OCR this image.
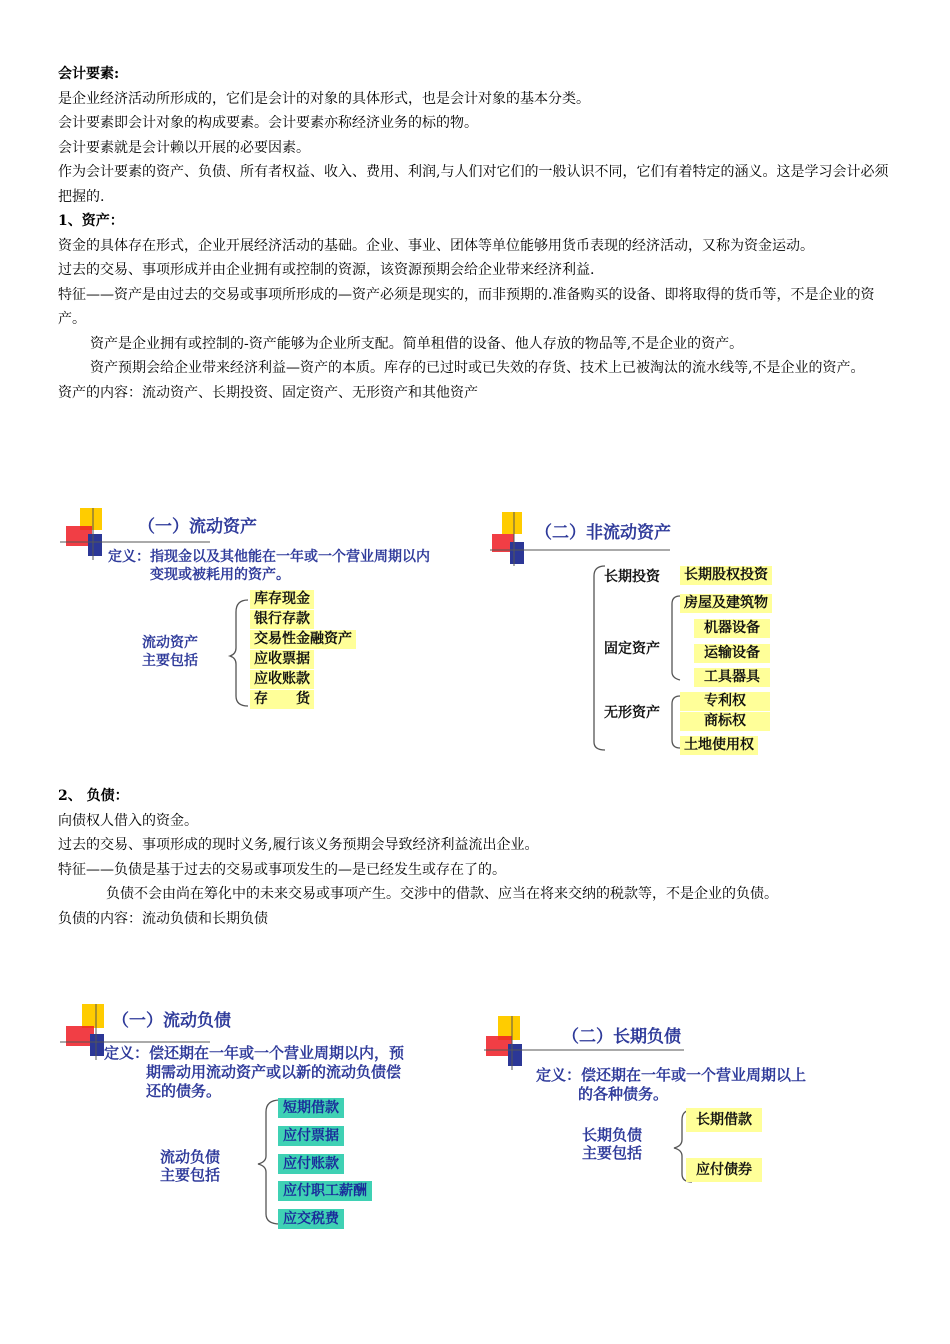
会计要素:

是企业经济活动所形成的，它们是会计的对象的具体形式，也是会计对象的基本分类。

会计要素即会计对象的构成要素。会计要素亦称经济业务的标的物。

会计要素就是会计赖以开展的必要因素。

作为会计要素的资产、负债、所有者权益、收入、费用、利润,与人们对它们的一般认识不同，它们有着特定的涵义。这是学习会计必须把握的.

1、资产：

资金的具体存在形式，企业开展经济活动的基础。企业、事业、团体等单位能够用货币表现的经济活动，又称为资金运动。

过去的交易、事项形成并由企业拥有或控制的资源，该资源预期会给企业带来经济利益.

特征——资产是由过去的交易或事项所形成的—资产必须是现实的，而非预期的.准备购买的设备、即将取得的货币等，不是企业的资产。

资产是企业拥有或控制的-资产能够为企业所支配。简单租借的设备、他人存放的物品等,不是企业的资产。

资产预期会给企业带来经济利益—资产的本质。库存的已过时或已失效的存货、技术上已被淘汰的流水线等,不是企业的资产。

资产的内容：流动资产、长期投资、固定资产、无形资产和其他资产

（一）流动资产
定义：指现金以及其他能在一年或一个营业周期以内
变现或被耗用的资产。
流动资产
主要包括
库存现金
银行存款
交易性金融资产
应收票据
应收账款
存　　货
（二）非流动资产
长期投资 长期股权投资
固定资产
房屋及建筑物
机器设备
运输设备
工具器具
无形资产
专利权
商标权
土地使用权

2、 负债：

向债权人借入的资金。

过去的交易、事项形成的现时义务,履行该义务预期会导致经济利益流出企业。

特征——负债是基于过去的交易或事项发生的—是已经发生或存在了的。

负债不会由尚在筹化中的未来交易或事项产生。交涉中的借款、应当在将来交纳的税款等，不是企业的负债。

负债的内容：流动负债和长期负债

（一）流动负债
定义：偿还期在一年或一个营业周期以内，预
期需动用流动资产或以新的流动负债偿
还的债务。
流动负债
主要包括
短期借款
应付票据
应付账款
应付职工薪酬
应交税费
（二）长期负债
定义：偿还期在一年或一个营业周期以上
的各种债务。
长期负债
主要包括
长期借款
应付债券
